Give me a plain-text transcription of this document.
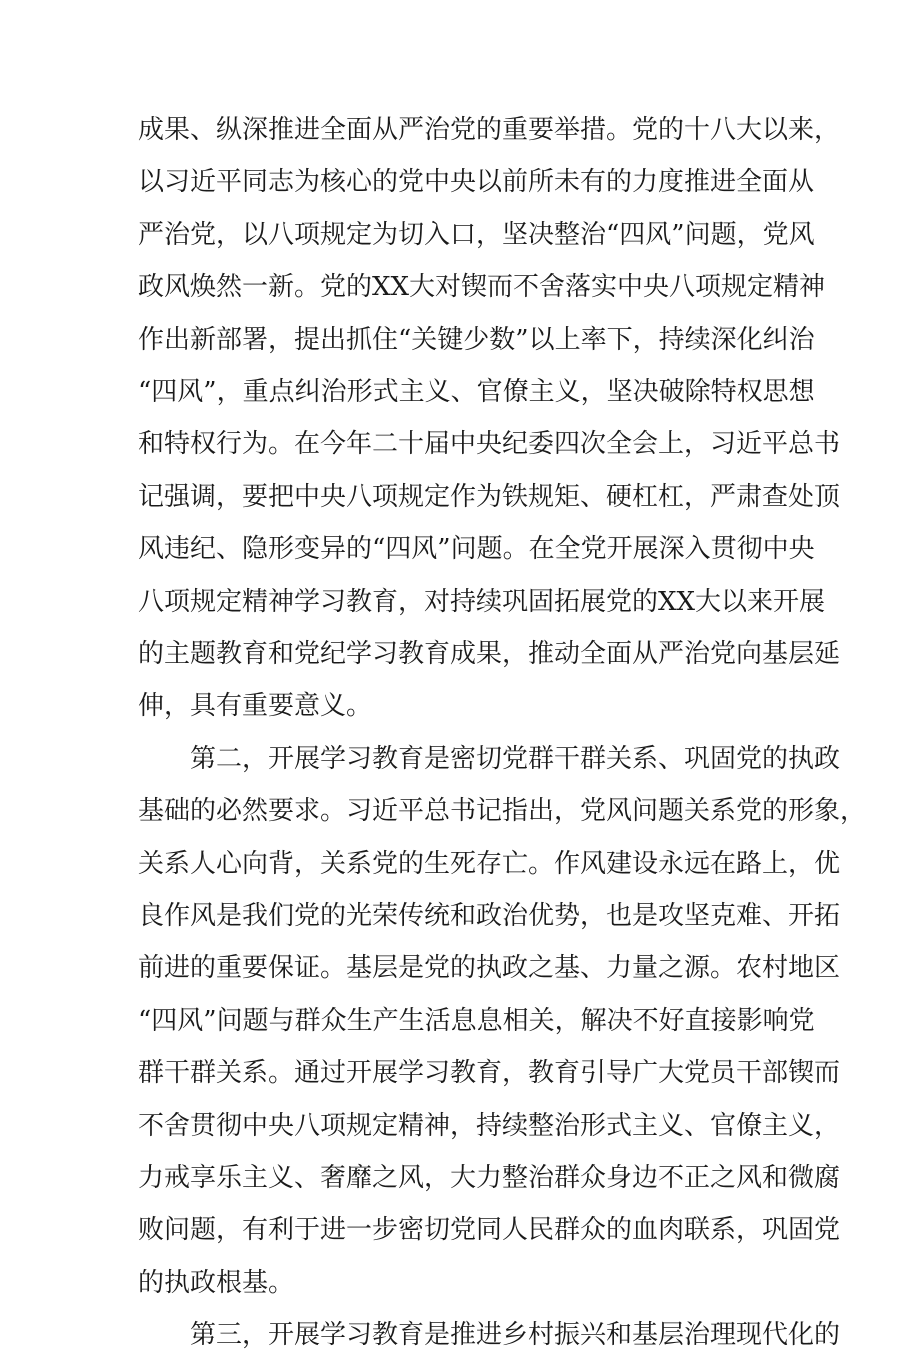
成果、纵深推进全面从严治党的重要举措。党的十八大以来，
以习近平同志为核心的党中央以前所未有的力度推进全面从
严治党，以八项规定为切入口，坚决整治“四风”问题，党风
政风焕然一新。党的XX大对锲而不舍落实中央八项规定精神
作出新部署，提出抓住“关键少数”以上率下，持续深化纠治
“四风”，重点纠治形式主义、官僚主义，坚决破除特权思想
和特权行为。在今年二十届中央纪委四次全会上，习近平总书
记强调，要把中央八项规定作为铁规矩、硬杠杠，严肃查处顶
风违纪、隐形变异的“四风”问题。在全党开展深入贯彻中央
八项规定精神学习教育，对持续巩固拓展党的XX大以来开展
的主题教育和党纪学习教育成果，推动全面从严治党向基层延
伸，具有重要意义。
第二，开展学习教育是密切党群干群关系、巩固党的执政
基础的必然要求。习近平总书记指出，党风问题关系党的形象，
关系人心向背，关系党的生死存亡。作风建设永远在路上，优
良作风是我们党的光荣传统和政治优势，也是攻坚克难、开拓
前进的重要保证。基层是党的执政之基、力量之源。农村地区
“四风”问题与群众生产生活息息相关，解决不好直接影响党
群干群关系。通过开展学习教育，教育引导广大党员干部锲而
不舍贯彻中央八项规定精神，持续整治形式主义、官僚主义，
力戒享乐主义、奢靡之风，大力整治群众身边不正之风和微腐
败问题，有利于进一步密切党同人民群众的血肉联系，巩固党
的执政根基。
第三，开展学习教育是推进乡村振兴和基层治理现代化的
